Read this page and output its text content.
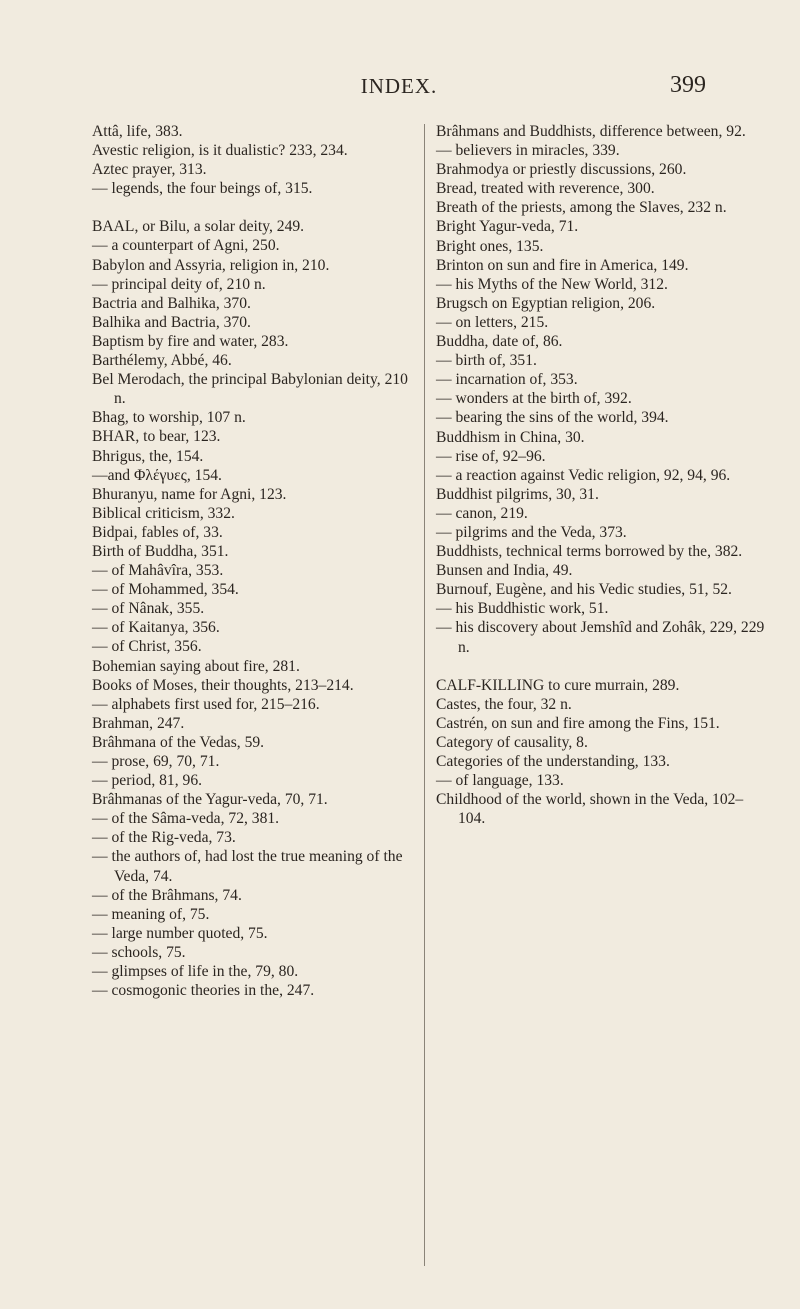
INDEX.	399

Attâ, life, 383.

Avestic religion, is it dualistic? 233, 234.

Aztec prayer, 313.

— legends, the four beings of, 315.

BAAL, or Bilu, a solar deity, 249.

— a counterpart of Agni, 250.

Babylon and Assyria, religion in, 210.

— principal deity of, 210 n.

Bactria and Balhika, 370.

Balhika and Bactria, 370.

Baptism by fire and water, 283.

Barthélemy, Abbé, 46.

Bel Merodach, the principal Babylonian deity, 210 n.

Bhag, to worship, 107 n.

BHAR, to bear, 123.

Bhrigus, the, 154.

—and Φλέγυες, 154.

Bhuranyu, name for Agni, 123.

Biblical criticism, 332.

Bidpai, fables of, 33.

Birth of Buddha, 351.

— of Mahâvîra, 353.

— of Mohammed, 354.

— of Nânak, 355.

— of Kaitanya, 356.

— of Christ, 356.

Bohemian saying about fire, 281.

Books of Moses, their thoughts, 213–214.

— alphabets first used for, 215–216.

Brahman, 247.

Brâhmana of the Vedas, 59.

— prose, 69, 70, 71.

— period, 81, 96.

Brâhmanas of the Yagur-veda, 70, 71.

— of the Sâma-veda, 72, 381.

— of the Rig-veda, 73.

— the authors of, had lost the true meaning of the Veda, 74.

— of the Brâhmans, 74.

— meaning of, 75.

— large number quoted, 75.

— schools, 75.

— glimpses of life in the, 79, 80.

— cosmogonic theories in the, 247.

Brâhmans and Buddhists, difference between, 92.

— believers in miracles, 339.

Brahmodya or priestly discussions, 260.

Bread, treated with reverence, 300.

Breath of the priests, among the Slaves, 232 n.

Bright Yagur-veda, 71.

Bright ones, 135.

Brinton on sun and fire in America, 149.

— his Myths of the New World, 312.

Brugsch on Egyptian religion, 206.

— on letters, 215.

Buddha, date of, 86.

— birth of, 351.

— incarnation of, 353.

— wonders at the birth of, 392.

— bearing the sins of the world, 394.

Buddhism in China, 30.

— rise of, 92–96.

— a reaction against Vedic religion, 92, 94, 96.

Buddhist pilgrims, 30, 31.

— canon, 219.

— pilgrims and the Veda, 373.

Buddhists, technical terms borrowed by the, 382.

Bunsen and India, 49.

Burnouf, Eugène, and his Vedic studies, 51, 52.

— his Buddhistic work, 51.

— his discovery about Jemshîd and Zohâk, 229, 229 n.

CALF-KILLING to cure murrain, 289.

Castes, the four, 32 n.

Castrén, on sun and fire among the Fins, 151.

Category of causality, 8.

Categories of the understanding, 133.

— of language, 133.

Childhood of the world, shown in the Veda, 102–104.
